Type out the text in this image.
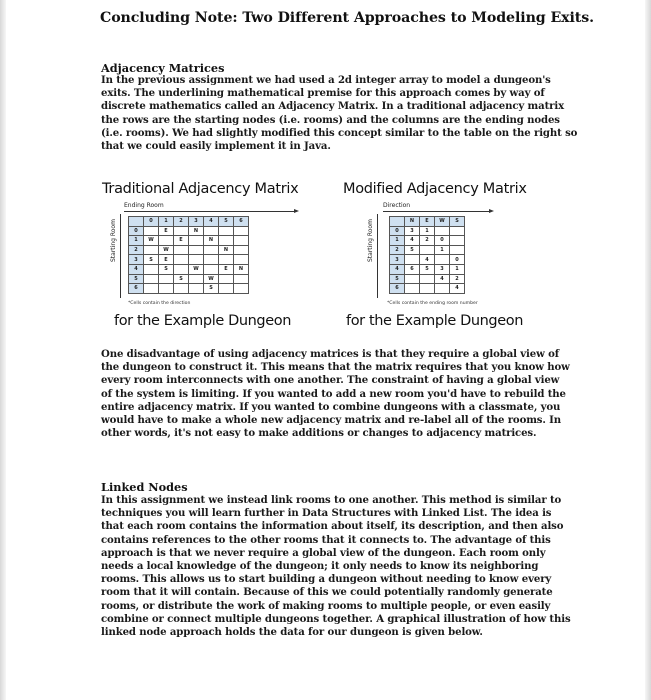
Concluding Note: Two Different Approaches to Modeling Exits.
Adjacency Matrices
In the previous assignment we had used a 2d integer array to model a dungeon's
exits. The underlining mathematical premise for this approach comes by way of
discrete mathematics called an Adjacency Matrix. In a traditional adjacency matrix
the rows are the starting nodes (i.e. rooms) and the columns are the ending nodes
(i.e. rooms). We had slightly modified this concept similar to the table on the right so
that we could easily implement it in Java.
Traditional Adjacency Matrix
Ending Room
Starting Room
		0	1	2	3	4	5	6
0		E		N			
1	W		E		N		
2		W				N	
3	S	E					
4		S		W		E	N
5			S		W		
6					S		
*Cells contain the direction
for the Example Dungeon
Modified Adjacency Matrix
Direction
Starting Room
		N	E	W	S
0	3	1		
1	4	2	0	
2	5		1	
3		4		0
4	6	5	3	1
5			4	2
6				4
*Cells contain the ending room number
for the Example Dungeon
One disadvantage of using adjacency matrices is that they require a global view of
the dungeon to construct it. This means that the matrix requires that you know how
every room interconnects with one another. The constraint of having a global view
of the system is limiting. If you wanted to add a new room you'd have to rebuild the
entire adjacency matrix. If you wanted to combine dungeons with a classmate, you
would have to make a whole new adjacency matrix and re-label all of the rooms. In
other words, it's not easy to make additions or changes to adjacency matrices.
Linked Nodes
In this assignment we instead link rooms to one another. This method is similar to
techniques you will learn further in Data Structures with Linked List. The idea is
that each room contains the information about itself, its description, and then also
contains references to the other rooms that it connects to. The advantage of this
approach is that we never require a global view of the dungeon. Each room only
needs a local knowledge of the dungeon; it only needs to know its neighboring
rooms. This allows us to start building a dungeon without needing to know every
room that it will contain. Because of this we could potentially randomly generate
rooms, or distribute the work of making rooms to multiple people, or even easily
combine or connect multiple dungeons together. A graphical illustration of how this
linked node approach holds the data for our dungeon is given below.
